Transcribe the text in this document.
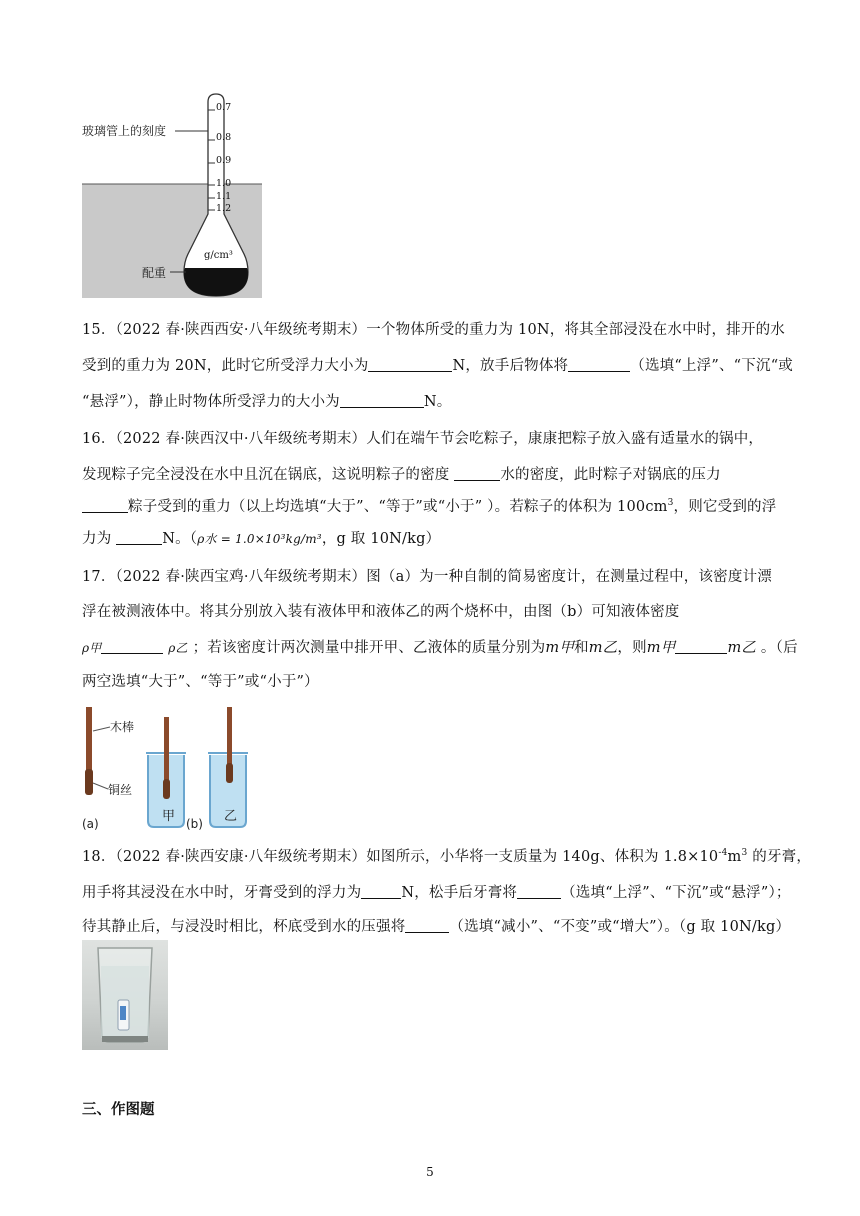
玻璃管上的刻度
配重
0.7
0.8
0.9
1.0
1.1
1.2
g/cm³
15．（2022 春·陕西西安·八年级统考期末）一个物体所受的重力为 10N，将其全部浸没在水中时，排开的水
受到的重力为 20N，此时它所受浮力大小为	N，放手后物体将	（选填“上浮”、“下沉“或
“悬浮”），静止时物体所受浮力的大小为	N。
16．（2022 春·陕西汉中·八年级统考期末）人们在端午节会吃粽子，康康把粽子放入盛有适量水的锅中，
发现粽子完全浸没在水中且沉在锅底，这说明粽子的密度	水的密度，此时粽子对锅底的压力
粽子受到的重力（以上均选填“大于”、“等于”或“小于” ）。若粽子的体积为 $100cm^3$，则它受到的浮
力为	N。（ρ水 = 1.0×10³kg/m³，g 取 10N/kg）
17．（2022 春·陕西宝鸡·八年级统考期末）图（a）为一种自制的简易密度计，在测量过程中，该密度计漂
浮在被测液体中。将其分别放入装有液体甲和液体乙的两个烧杯中，由图（b）可知液体密度
ρ甲	ρ乙 ；若该密度计两次测量中排开甲、乙液体的质量分别为m甲和m乙，则m甲	m乙 。（后
两空选填“大于”、“等于”或“小于”）
木棒
铜丝
(a)	(b)
甲	乙
18．（2022 春·陕西安康·八年级统考期末）如图所示，小华将一支质量为 140g、体积为 $1.8\times 10^{-4}m^3$ 的牙膏，
用手将其浸没在水中时，牙膏受到的浮力为	N，松手后牙膏将	（选填“上浮”、“下沉”或“悬浮”）；
待其静止后，与浸没时相比，杯底受到水的压强将	（选填“减小”、“不变”或“增大”）。（g 取 10N/kg）
三、作图题
5
